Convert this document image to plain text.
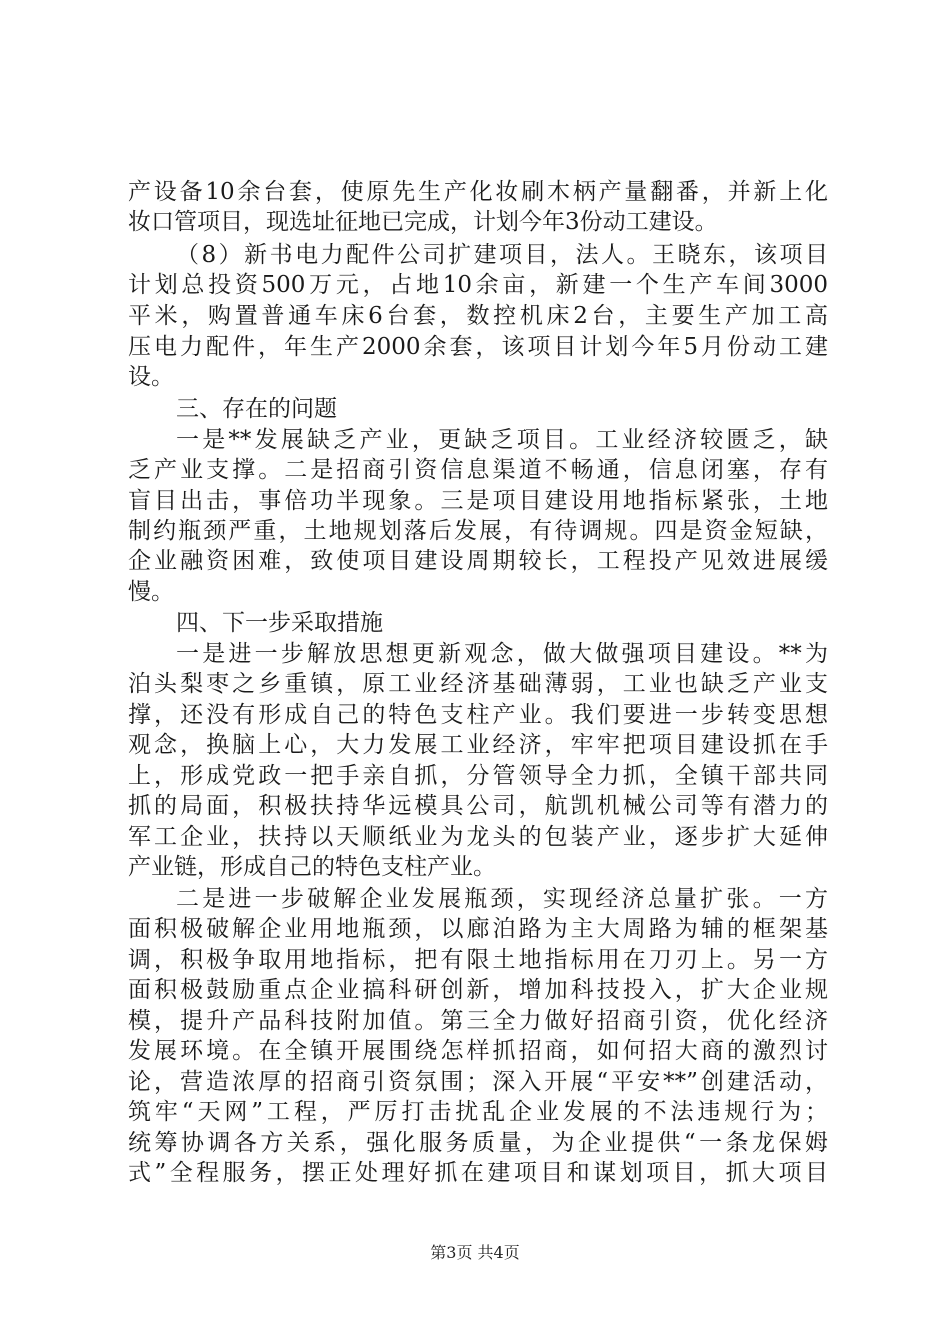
产设备10余台套，使原先生产化妆刷木柄产量翻番，并新上化
妆口管项目，现选址征地已完成，计划今年3份动工建设。
（8）新书电力配件公司扩建项目，法人。王晓东，该项目
计划总投资500万元，占地10余亩，新建一个生产车间3000
平米，购置普通车床6台套，数控机床2台，主要生产加工高
压电力配件，年生产2000余套，该项目计划今年5月份动工建
设。
三、存在的问题
一是**发展缺乏产业，更缺乏项目。工业经济较匮乏，缺
乏产业支撑。二是招商引资信息渠道不畅通，信息闭塞，存有
盲目出击，事倍功半现象。三是项目建设用地指标紧张，土地
制约瓶颈严重，土地规划落后发展，有待调规。四是资金短缺，
企业融资困难，致使项目建设周期较长，工程投产见效进展缓
慢。
四、下一步采取措施
一是进一步解放思想更新观念，做大做强项目建设。**为
泊头梨枣之乡重镇，原工业经济基础薄弱，工业也缺乏产业支
撑，还没有形成自己的特色支柱产业。我们要进一步转变思想
观念，换脑上心，大力发展工业经济，牢牢把项目建设抓在手
上，形成党政一把手亲自抓，分管领导全力抓，全镇干部共同
抓的局面，积极扶持华远模具公司，航凯机械公司等有潜力的
军工企业，扶持以天顺纸业为龙头的包装产业，逐步扩大延伸
产业链，形成自己的特色支柱产业。
二是进一步破解企业发展瓶颈，实现经济总量扩张。一方
面积极破解企业用地瓶颈，以廊泊路为主大周路为辅的框架基
调，积极争取用地指标，把有限土地指标用在刀刃上。另一方
面积极鼓励重点企业搞科研创新，增加科技投入，扩大企业规
模，提升产品科技附加值。第三全力做好招商引资，优化经济
发展环境。在全镇开展围绕怎样抓招商，如何招大商的激烈讨
论，营造浓厚的招商引资氛围；深入开展“平安**”创建活动，
筑牢“天网”工程，严厉打击扰乱企业发展的不法违规行为；
统筹协调各方关系，强化服务质量，为企业提供“一条龙保姆
式”全程服务，摆正处理好抓在建项目和谋划项目，抓大项目
第3页 共4页
